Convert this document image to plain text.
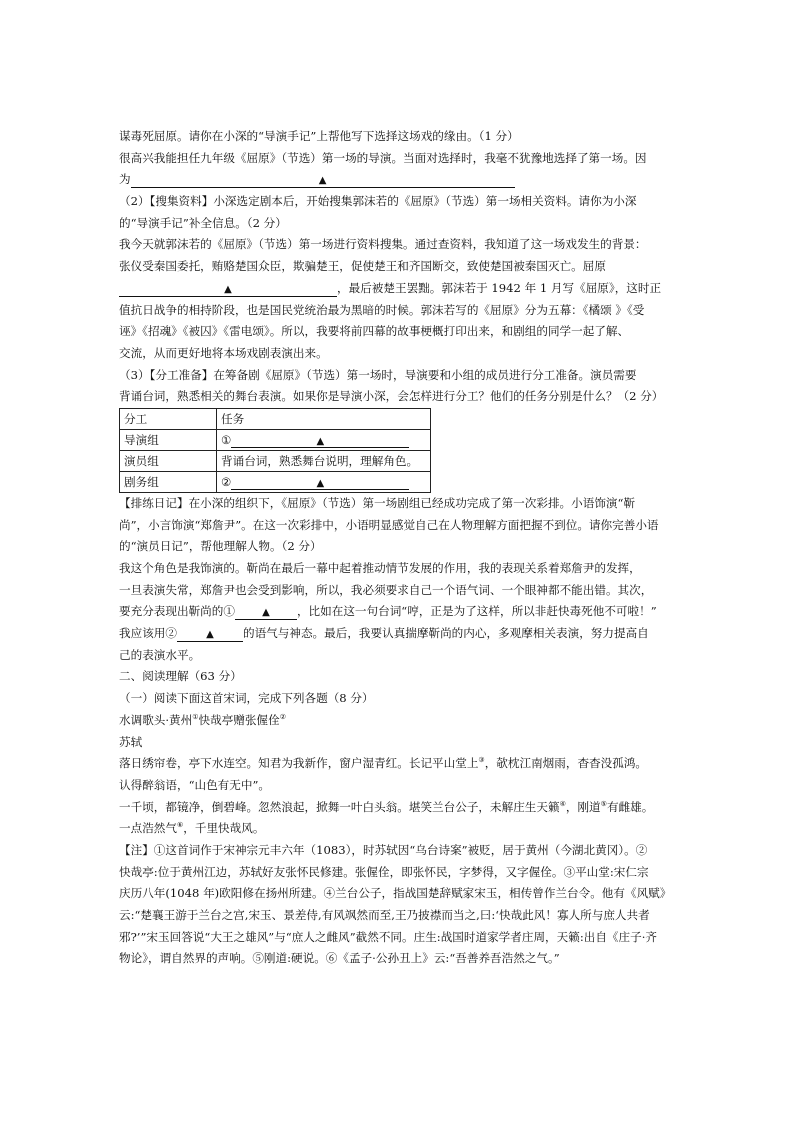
谋毒死屈原。请你在小深的“导演手记”上帮他写下选择这场戏的缘由。（1 分）
很高兴我能担任九年级《屈原》（节选）第一场的导演。当面对选择时，我毫不犹豫地选择了第一场。因
为	▲
（2）【搜集资料】小深选定剧本后，开始搜集郭沫若的《屈原》（节选）第一场相关资料。请你为小深
的“导演手记”补全信息。（2 分）
我今天就郭沫若的《屈原》（节选）第一场进行资料搜集。通过查资料，我知道了这一场戏发生的背景：
张仪受秦国委托，贿赂楚国众臣，欺骗楚王，促使楚王和齐国断交，致使楚国被秦国灭亡。屈原
▲	，最后被楚王罢黜。郭沫若于 1942 年 1 月写《屈原》，这时正
值抗日战争的相持阶段，也是国民党统治最为黑暗的时候。郭沫若写的《屈原》分为五幕：《橘颂 》《受
诬》《招魂》《被囚》《雷电颂》。所以，我要将前四幕的故事梗概打印出来，和剧组的同学一起了解、
交流，从而更好地将本场戏剧表演出来。
（3）【分工准备】在筹备剧《屈原》（节选）第一场时，导演要和小组的成员进行分工准备。演员需要
背诵台词，熟悉相关的舞台表演。如果你是导演小深，会怎样进行分工？他们的任务分别是什么？（2 分）
分工	任务
导演组	① ▲
演员组	背诵台词，熟悉舞台说明，理解角色。
剧务组	② ▲
【排练日记】在小深的组织下，《屈原》（节选）第一场剧组已经成功完成了第一次彩排。小语饰演“靳
尚”，小言饰演“郑詹尹”。在这一次彩排中，小语明显感觉自己在人物理解方面把握不到位。请你完善小语
的“演员日记”，帮他理解人物。（2 分）
我这个角色是我饰演的。靳尚在最后一幕中起着推动情节发展的作用，我的表现关系着郑詹尹的发挥，
一旦表演失常，郑詹尹也会受到影响，所以，我必须要求自己一个语气词、一个眼神都不能出错。其次，
要充分表现出靳尚的①	▲ ，比如在这一句台词“哼，正是为了这样，所以非赶快毒死他不可啦！”
我应该用②	▲	的语气与神态。最后，我要认真揣摩靳尚的内心，多观摩相关表演，努力提高自
己的表演水平。
二、阅读理解（63 分）
（一）阅读下面这首宋词，完成下列各题（8 分）
水调歌头·黄州①快哉亭赠张偓佺②
苏轼
落日绣帘卷，亭下水连空。知君为我新作，窗户湿青红。长记平山堂上③，欹枕江南烟雨，杳杳没孤鸿。
认得醉翁语，“山色有无中”。
一千顷，都镜净，倒碧峰。忽然浪起，掀舞一叶白头翁。堪笑兰台公子，未解庄生天籁④，刚道⑤有雌雄。
一点浩然气⑥，千里快哉风。
【注】①这首词作于宋神宗元丰六年（1083），时苏轼因“乌台诗案”被贬，居于黄州（今湖北黄冈）。②
快哉亭:位于黄州江边，苏轼好友张怀民修建。张偓佺，即张怀民，字梦得，又字偓佺。③平山堂:宋仁宗
庆历八年(1048 年)欧阳修在扬州所建。④兰台公子，指战国楚辞赋家宋玉，相传曾作兰台令。他有《风赋》
云:“楚襄王游于兰台之宫,宋玉、景差侍,有风飒然而至,王乃披襟而当之,曰:‘快哉此风！寡人所与庶人共者
邪?’”宋玉回答说“大王之雄风”与“庶人之雌风”截然不同。庄生:战国时道家学者庄周，天籁:出自《庄子·齐
物论》，谓自然界的声响。⑤刚道:硬说。⑥《孟子·公孙丑上》云:“吾善养吾浩然之气。”
